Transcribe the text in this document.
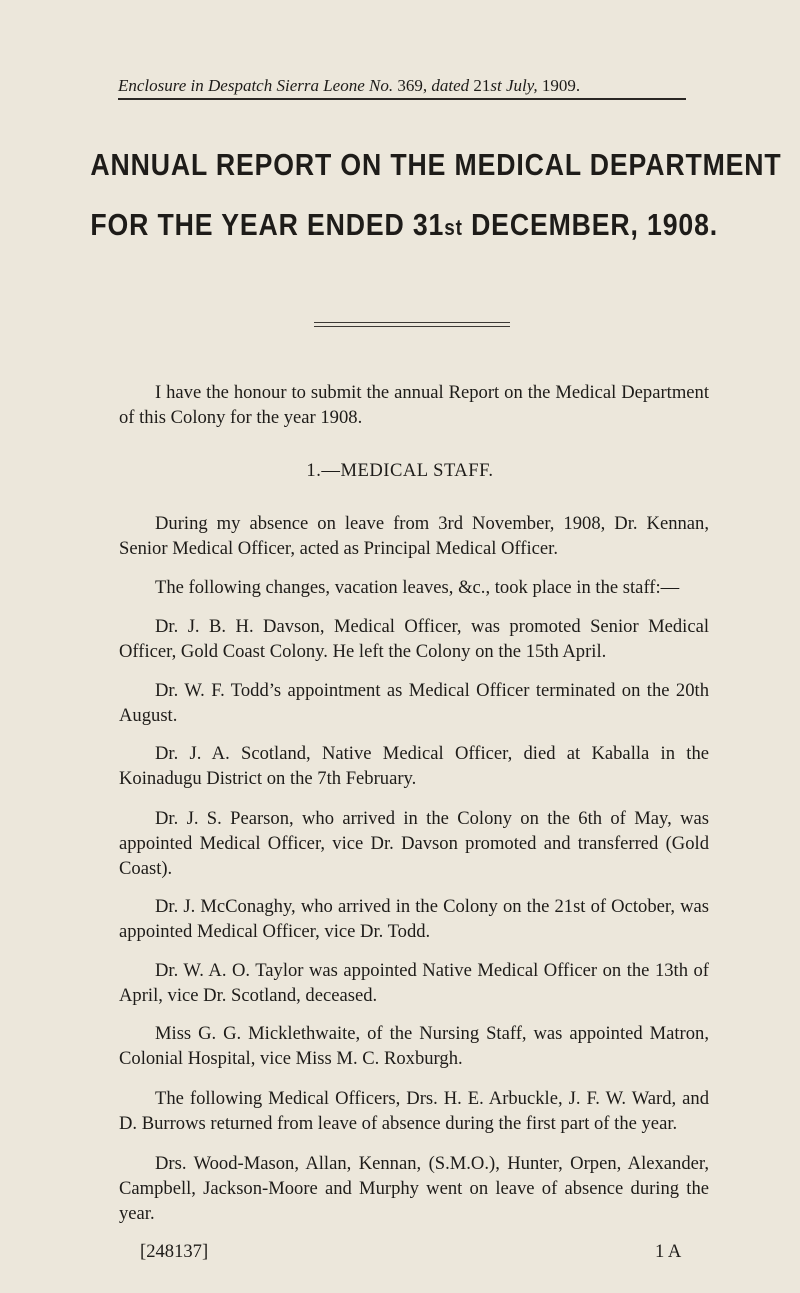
Enclosure in Despatch Sierra Leone No. 369, dated 21st July, 1909.
ANNUAL REPORT ON THE MEDICAL DEPARTMENT
FOR THE YEAR ENDED 31st DECEMBER, 1908.
I have the honour to submit the annual Report on the Medical Department of this Colony for the year 1908.
1.—MEDICAL STAFF.
During my absence on leave from 3rd November, 1908, Dr. Kennan, Senior Medical Officer, acted as Principal Medical Officer.
The following changes, vacation leaves, &c., took place in the staff:—
Dr. J. B. H. Davson, Medical Officer, was promoted Senior Medical Officer, Gold Coast Colony. He left the Colony on the 15th April.
Dr. W. F. Todd’s appointment as Medical Officer terminated on the 20th August.
Dr. J. A. Scotland, Native Medical Officer, died at Kaballa in the Koinadugu District on the 7th February.
Dr. J. S. Pearson, who arrived in the Colony on the 6th of May, was appointed Medical Officer, vice Dr. Davson promoted and transferred (Gold Coast).
Dr. J. McConaghy, who arrived in the Colony on the 21st of October, was appointed Medical Officer, vice Dr. Todd.
Dr. W. A. O. Taylor was appointed Native Medical Officer on the 13th of April, vice Dr. Scotland, deceased.
Miss G. G. Micklethwaite, of the Nursing Staff, was appointed Matron, Colonial Hospital, vice Miss M. C. Roxburgh.
The following Medical Officers, Drs. H. E. Arbuckle, J. F. W. Ward, and D. Burrows returned from leave of absence during the first part of the year.
Drs. Wood-Mason, Allan, Kennan, (S.M.O.), Hunter, Orpen, Alexander, Campbell, Jackson-Moore and Murphy went on leave of absence during the year.
[248137]	1 A
